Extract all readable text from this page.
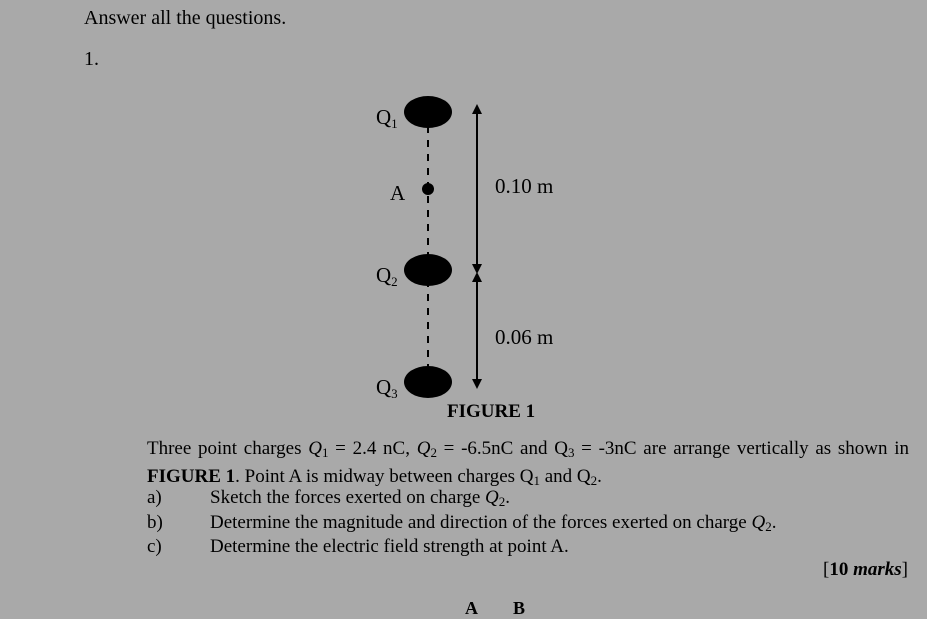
Answer all the questions.
1.
Q1
A
Q2
Q3
0.10 m
0.06 m
FIGURE 1
Three point charges $Q_1 = 2.4$ nC, $Q_2 = -6.5nC$ and $Q_3 = -3nC$ are arrange vertically as shown in FIGURE 1. Point A is midway between charges $Q_1$ and $Q_2$.
a)	Sketch the forces exerted on charge $Q_2$.
b) Determine the magnitude and direction of the forces exerted on charge $Q_2$.
c)	Determine the electric field strength at point A.
[10 marks]
A        B
